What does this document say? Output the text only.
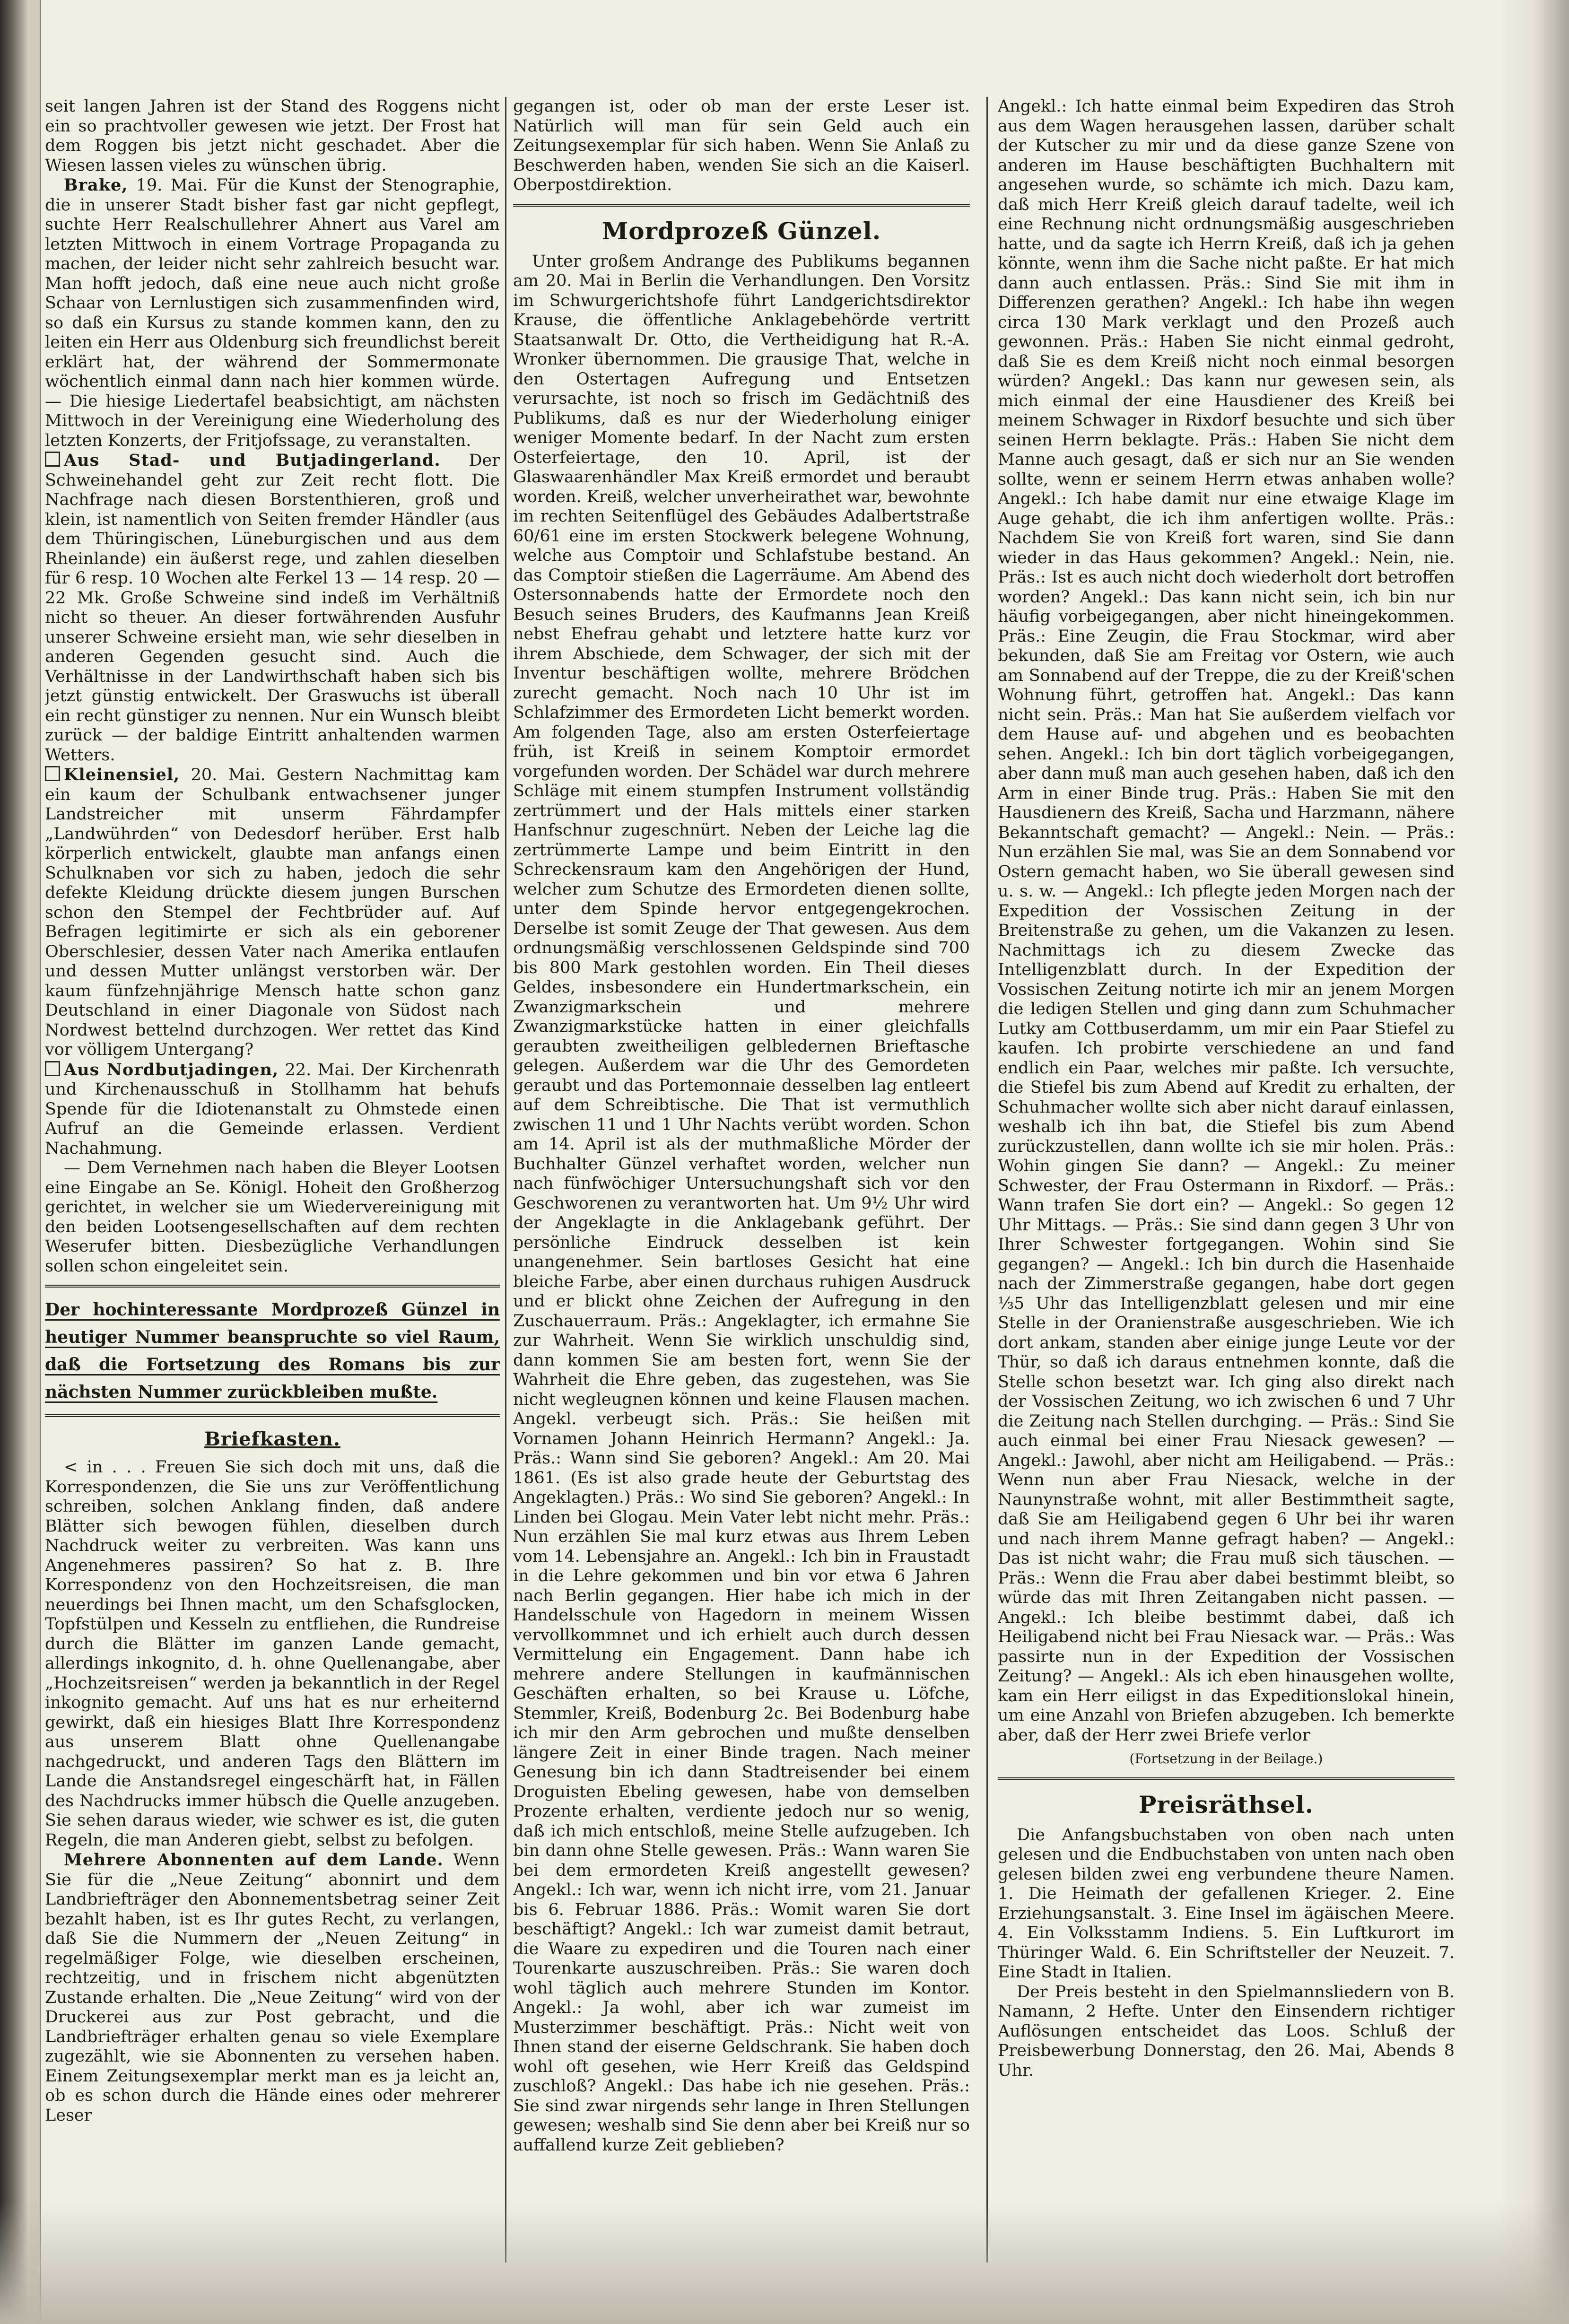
seit langen Jahren ist der Stand des Roggens nicht ein so prachtvoller gewesen wie jetzt. Der Frost hat dem Roggen bis jetzt nicht geschadet. Aber die Wiesen lassen vieles zu wünschen übrig.

Brake, 19. Mai. Für die Kunst der Stenographie, die in unserer Stadt bisher fast gar nicht gepflegt, suchte Herr Realschullehrer Ahnert aus Varel am letzten Mittwoch in einem Vortrage Propaganda zu machen, der leider nicht sehr zahlreich besucht war. Man hofft jedoch, daß eine neue auch nicht große Schaar von Lernlustigen sich zusammenfinden wird, so daß ein Kursus zu stande kommen kann, den zu leiten ein Herr aus Oldenburg sich freundlichst bereit erklärt hat, der während der Sommermonate wöchentlich einmal dann nach hier kommen würde. — Die hiesige Liedertafel beabsichtigt, am nächsten Mittwoch in der Vereinigung eine Wiederholung des letzten Konzerts, der Fritjofssage, zu veranstalten.

Aus Stad- und Butjadingerland. Der Schweinehandel geht zur Zeit recht flott. Die Nachfrage nach diesen Borstenthieren, groß und klein, ist namentlich von Seiten fremder Händler (aus dem Thüringischen, Lüneburgischen und aus dem Rheinlande) ein äußerst rege, und zahlen dieselben für 6 resp. 10 Wochen alte Ferkel 13 — 14 resp. 20 — 22 Mk. Große Schweine sind indeß im Verhältniß nicht so theuer. An dieser fortwährenden Ausfuhr unserer Schweine ersieht man, wie sehr dieselben in anderen Gegenden gesucht sind. Auch die Verhältnisse in der Landwirthschaft haben sich bis jetzt günstig entwickelt. Der Graswuchs ist überall ein recht günstiger zu nennen. Nur ein Wunsch bleibt zurück — der baldige Eintritt anhaltenden warmen Wetters.

Kleinensiel, 20. Mai. Gestern Nachmittag kam ein kaum der Schulbank entwachsener junger Landstreicher mit unserm Fährdampfer „Landwührden“ von Dedesdorf herüber. Erst halb körperlich entwickelt, glaubte man anfangs einen Schulknaben vor sich zu haben, jedoch die sehr defekte Kleidung drückte diesem jungen Burschen schon den Stempel der Fechtbrüder auf. Auf Befragen legitimirte er sich als ein geborener Oberschlesier, dessen Vater nach Amerika entlaufen und dessen Mutter unlängst verstorben wär. Der kaum fünfzehnjährige Mensch hatte schon ganz Deutschland in einer Diagonale von Südost nach Nordwest bettelnd durchzogen. Wer rettet das Kind vor völligem Untergang?

Aus Nordbutjadingen, 22. Mai. Der Kirchenrath und Kirchenausschuß in Stollhamm hat behufs Spende für die Idiotenanstalt zu Ohmstede einen Aufruf an die Gemeinde erlassen. Verdient Nachahmung.

— Dem Vernehmen nach haben die Bleyer Lootsen eine Eingabe an Se. Königl. Hoheit den Großherzog gerichtet, in welcher sie um Wiedervereinigung mit den beiden Lootsengesellschaften auf dem rechten Weserufer bitten. Diesbezügliche Verhandlungen sollen schon eingeleitet sein.

Der hochinteressante Mordprozeß Günzel in heutiger Nummer beanspruchte so viel Raum, daß die Fortsetzung des Romans bis zur nächsten Nummer zurückbleiben mußte.
Briefkasten.

< in . . . Freuen Sie sich doch mit uns, daß die Korrespondenzen, die Sie uns zur Veröffentlichung schreiben, solchen Anklang finden, daß andere Blätter sich bewogen fühlen, dieselben durch Nachdruck weiter zu verbreiten. Was kann uns Angenehmeres passiren? So hat z. B. Ihre Korrespondenz von den Hochzeitsreisen, die man neuerdings bei Ihnen macht, um den Schafsglocken, Topfstülpen und Kesseln zu entfliehen, die Rundreise durch die Blätter im ganzen Lande gemacht, allerdings inkognito, d. h. ohne Quellenangabe, aber „Hochzeitsreisen“ werden ja bekanntlich in der Regel inkognito gemacht. Auf uns hat es nur erheiternd gewirkt, daß ein hiesiges Blatt Ihre Korrespondenz aus unserem Blatt ohne Quellenangabe nachgedruckt, und anderen Tags den Blättern im Lande die Anstandsregel eingeschärft hat, in Fällen des Nachdrucks immer hübsch die Quelle anzugeben. Sie sehen daraus wieder, wie schwer es ist, die guten Regeln, die man Anderen giebt, selbst zu befolgen.

Mehrere Abonnenten auf dem Lande. Wenn Sie für die „Neue Zeitung“ abonnirt und dem Landbriefträger den Abonnementsbetrag seiner Zeit bezahlt haben, ist es Ihr gutes Recht, zu verlangen, daß Sie die Nummern der „Neuen Zeitung“ in regelmäßiger Folge, wie dieselben erscheinen, rechtzeitig, und in frischem nicht abgenützten Zustande erhalten. Die „Neue Zeitung“ wird von der Druckerei aus zur Post gebracht, und die Landbriefträger erhalten genau so viele Exemplare zugezählt, wie sie Abonnenten zu versehen haben. Einem Zeitungsexemplar merkt man es ja leicht an, ob es schon durch die Hände eines oder mehrerer Leser

gegangen ist, oder ob man der erste Leser ist. Natürlich will man für sein Geld auch ein Zeitungsexemplar für sich haben. Wenn Sie Anlaß zu Beschwerden haben, wenden Sie sich an die Kaiserl. Oberpostdirektion.

Mordprozeß Günzel.

Unter großem Andrange des Publikums begannen am 20. Mai in Berlin die Verhandlungen. Den Vorsitz im Schwurgerichtshofe führt Landgerichtsdirektor Krause, die öffentliche Anklagebehörde vertritt Staatsanwalt Dr. Otto, die Vertheidigung hat R.-A. Wronker übernommen. Die grausige That, welche in den Ostertagen Aufregung und Entsetzen verursachte, ist noch so frisch im Gedächtniß des Publikums, daß es nur der Wiederholung einiger weniger Momente bedarf. In der Nacht zum ersten Osterfeiertage, den 10. April, ist der Glaswaarenhändler Max Kreiß ermordet und beraubt worden. Kreiß, welcher unverheirathet war, bewohnte im rechten Seitenflügel des Gebäudes Adalbertstraße 60/61 eine im ersten Stockwerk belegene Wohnung, welche aus Comptoir und Schlafstube bestand. An das Comptoir stießen die Lagerräume. Am Abend des Ostersonnabends hatte der Ermordete noch den Besuch seines Bruders, des Kaufmanns Jean Kreiß nebst Ehefrau gehabt und letztere hatte kurz vor ihrem Abschiede, dem Schwager, der sich mit der Inventur beschäftigen wollte, mehrere Brödchen zurecht gemacht. Noch nach 10 Uhr ist im Schlafzimmer des Ermordeten Licht bemerkt worden. Am folgenden Tage, also am ersten Osterfeiertage früh, ist Kreiß in seinem Komptoir ermordet vorgefunden worden. Der Schädel war durch mehrere Schläge mit einem stumpfen Instrument vollständig zertrümmert und der Hals mittels einer starken Hanfschnur zugeschnürt. Neben der Leiche lag die zertrümmerte Lampe und beim Eintritt in den Schreckensraum kam den Angehörigen der Hund, welcher zum Schutze des Ermordeten dienen sollte, unter dem Spinde hervor entgegengekrochen. Derselbe ist somit Zeuge der That gewesen. Aus dem ordnungsmäßig verschlossenen Geldspinde sind 700 bis 800 Mark gestohlen worden. Ein Theil dieses Geldes, insbesondere ein Hundertmarkschein, ein Zwanzigmarkschein und mehrere Zwanzigmarkstücke hatten in einer gleichfalls geraubten zweitheiligen gelbledernen Brieftasche gelegen. Außerdem war die Uhr des Gemordeten geraubt und das Portemonnaie desselben lag entleert auf dem Schreibtische. Die That ist vermuthlich zwischen 11 und 1 Uhr Nachts verübt worden. Schon am 14. April ist als der muthmaßliche Mörder der Buchhalter Günzel verhaftet worden, welcher nun nach fünfwöchiger Untersuchungshaft sich vor den Geschworenen zu verantworten hat. Um 9½ Uhr wird der Angeklagte in die Anklagebank geführt. Der persönliche Eindruck desselben ist kein unangenehmer. Sein bartloses Gesicht hat eine bleiche Farbe, aber einen durchaus ruhigen Ausdruck und er blickt ohne Zeichen der Aufregung in den Zuschauerraum. Präs.: Angeklagter, ich ermahne Sie zur Wahrheit. Wenn Sie wirklich unschuldig sind, dann kommen Sie am besten fort, wenn Sie der Wahrheit die Ehre geben, das zugestehen, was Sie nicht wegleugnen können und keine Flausen machen. Angekl. verbeugt sich. Präs.: Sie heißen mit Vornamen Johann Heinrich Hermann? Angekl.: Ja. Präs.: Wann sind Sie geboren? Angekl.: Am 20. Mai 1861. (Es ist also grade heute der Geburtstag des Angeklagten.) Präs.: Wo sind Sie geboren? Angekl.: In Linden bei Glogau. Mein Vater lebt nicht mehr. Präs.: Nun erzählen Sie mal kurz etwas aus Ihrem Leben vom 14. Lebensjahre an. Angekl.: Ich bin in Fraustadt in die Lehre gekommen und bin vor etwa 6 Jahren nach Berlin gegangen. Hier habe ich mich in der Handelsschule von Hagedorn in meinem Wissen vervollkommnet und ich erhielt auch durch dessen Vermittelung ein Engagement. Dann habe ich mehrere andere Stellungen in kaufmännischen Geschäften erhalten, so bei Krause u. Löfche, Stemmler, Kreiß, Bodenburg 2c. Bei Bodenburg habe ich mir den Arm gebrochen und mußte denselben längere Zeit in einer Binde tragen. Nach meiner Genesung bin ich dann Stadtreisender bei einem Droguisten Ebeling gewesen, habe von demselben Prozente erhalten, verdiente jedoch nur so wenig, daß ich mich entschloß, meine Stelle aufzugeben. Ich bin dann ohne Stelle gewesen. Präs.: Wann waren Sie bei dem ermordeten Kreiß angestellt gewesen? Angekl.: Ich war, wenn ich nicht irre, vom 21. Januar bis 6. Februar 1886. Präs.: Womit waren Sie dort beschäftigt? Angekl.: Ich war zumeist damit betraut, die Waare zu expediren und die Touren nach einer Tourenkarte auszuschreiben. Präs.: Sie waren doch wohl täglich auch mehrere Stunden im Kontor. Angekl.: Ja wohl, aber ich war zumeist im Musterzimmer beschäftigt. Präs.: Nicht weit von Ihnen stand der eiserne Geldschrank. Sie haben doch wohl oft gesehen, wie Herr Kreiß das Geldspind zuschloß? Angekl.: Das habe ich nie gesehen. Präs.: Sie sind zwar nirgends sehr lange in Ihren Stellungen gewesen; weshalb sind Sie denn aber bei Kreiß nur so auffallend kurze Zeit geblieben?

Angekl.: Ich hatte einmal beim Expediren das Stroh aus dem Wagen herausgehen lassen, darüber schalt der Kutscher zu mir und da diese ganze Szene von anderen im Hause beschäftigten Buchhaltern mit angesehen wurde, so schämte ich mich. Dazu kam, daß mich Herr Kreiß gleich darauf tadelte, weil ich eine Rechnung nicht ordnungsmäßig ausgeschrieben hatte, und da sagte ich Herrn Kreiß, daß ich ja gehen könnte, wenn ihm die Sache nicht paßte. Er hat mich dann auch entlassen. Präs.: Sind Sie mit ihm in Differenzen gerathen? Angekl.: Ich habe ihn wegen circa 130 Mark verklagt und den Prozeß auch gewonnen. Präs.: Haben Sie nicht einmal gedroht, daß Sie es dem Kreiß nicht noch einmal besorgen würden? Angekl.: Das kann nur gewesen sein, als mich einmal der eine Hausdiener des Kreiß bei meinem Schwager in Rixdorf besuchte und sich über seinen Herrn beklagte. Präs.: Haben Sie nicht dem Manne auch gesagt, daß er sich nur an Sie wenden sollte, wenn er seinem Herrn etwas anhaben wolle? Angekl.: Ich habe damit nur eine etwaige Klage im Auge gehabt, die ich ihm anfertigen wollte. Präs.: Nachdem Sie von Kreiß fort waren, sind Sie dann wieder in das Haus gekommen? Angekl.: Nein, nie. Präs.: Ist es auch nicht doch wiederholt dort betroffen worden? Angekl.: Das kann nicht sein, ich bin nur häufig vorbeigegangen, aber nicht hineingekommen. Präs.: Eine Zeugin, die Frau Stockmar, wird aber bekunden, daß Sie am Freitag vor Ostern, wie auch am Sonnabend auf der Treppe, die zu der Kreiß'schen Wohnung führt, getroffen hat. Angekl.: Das kann nicht sein. Präs.: Man hat Sie außerdem vielfach vor dem Hause auf- und abgehen und es beobachten sehen. Angekl.: Ich bin dort täglich vorbeigegangen, aber dann muß man auch gesehen haben, daß ich den Arm in einer Binde trug. Präs.: Haben Sie mit den Hausdienern des Kreiß, Sacha und Harzmann, nähere Bekanntschaft gemacht? — Angekl.: Nein. — Präs.: Nun erzählen Sie mal, was Sie an dem Sonnabend vor Ostern gemacht haben, wo Sie überall gewesen sind u. s. w. — Angekl.: Ich pflegte jeden Morgen nach der Expedition der Vossischen Zeitung in der Breitenstraße zu gehen, um die Vakanzen zu lesen. Nachmittags ich zu diesem Zwecke das Intelligenzblatt durch. In der Expedition der Vossischen Zeitung notirte ich mir an jenem Morgen die ledigen Stellen und ging dann zum Schuhmacher Lutky am Cottbuserdamm, um mir ein Paar Stiefel zu kaufen. Ich probirte verschiedene an und fand endlich ein Paar, welches mir paßte. Ich versuchte, die Stiefel bis zum Abend auf Kredit zu erhalten, der Schuhmacher wollte sich aber nicht darauf einlassen, weshalb ich ihn bat, die Stiefel bis zum Abend zurückzustellen, dann wollte ich sie mir holen. Präs.: Wohin gingen Sie dann? — Angekl.: Zu meiner Schwester, der Frau Ostermann in Rixdorf. — Präs.: Wann trafen Sie dort ein? — Angekl.: So gegen 12 Uhr Mittags. — Präs.: Sie sind dann gegen 3 Uhr von Ihrer Schwester fortgegangen. Wohin sind Sie gegangen? — Angekl.: Ich bin durch die Hasenhaide nach der Zimmerstraße gegangen, habe dort gegen ⅓5 Uhr das Intelligenzblatt gelesen und mir eine Stelle in der Oranienstraße ausgeschrieben. Wie ich dort ankam, standen aber einige junge Leute vor der Thür, so daß ich daraus entnehmen konnte, daß die Stelle schon besetzt war. Ich ging also direkt nach der Vossischen Zeitung, wo ich zwischen 6 und 7 Uhr die Zeitung nach Stellen durchging. — Präs.: Sind Sie auch einmal bei einer Frau Niesack gewesen? — Angekl.: Jawohl, aber nicht am Heiligabend. — Präs.: Wenn nun aber Frau Niesack, welche in der Naunynstraße wohnt, mit aller Bestimmtheit sagte, daß Sie am Heiligabend gegen 6 Uhr bei ihr waren und nach ihrem Manne gefragt haben? — Angekl.: Das ist nicht wahr; die Frau muß sich täuschen. — Präs.: Wenn die Frau aber dabei bestimmt bleibt, so würde das mit Ihren Zeitangaben nicht passen. — Angekl.: Ich bleibe bestimmt dabei, daß ich Heiligabend nicht bei Frau Niesack war. — Präs.: Was passirte nun in der Expedition der Vossischen Zeitung? — Angekl.: Als ich eben hinausgehen wollte, kam ein Herr eiligst in das Expeditionslokal hinein, um eine Anzahl von Briefen abzugeben. Ich bemerkte aber, daß der Herr zwei Briefe verlor

(Fortsetzung in der Beilage.)
Preisräthsel.

Die Anfangsbuchstaben von oben nach unten gelesen und die Endbuchstaben von unten nach oben gelesen bilden zwei eng verbundene theure Namen. 1. Die Heimath der gefallenen Krieger. 2. Eine Erziehungsanstalt. 3. Eine Insel im ägäischen Meere. 4. Ein Volksstamm Indiens. 5. Ein Luftkurort im Thüringer Wald. 6. Ein Schriftsteller der Neuzeit. 7. Eine Stadt in Italien.

Der Preis besteht in den Spielmannsliedern von B. Namann, 2 Hefte. Unter den Einsendern richtiger Auflösungen entscheidet das Loos. Schluß der Preisbewerbung Donnerstag, den 26. Mai, Abends 8 Uhr.
